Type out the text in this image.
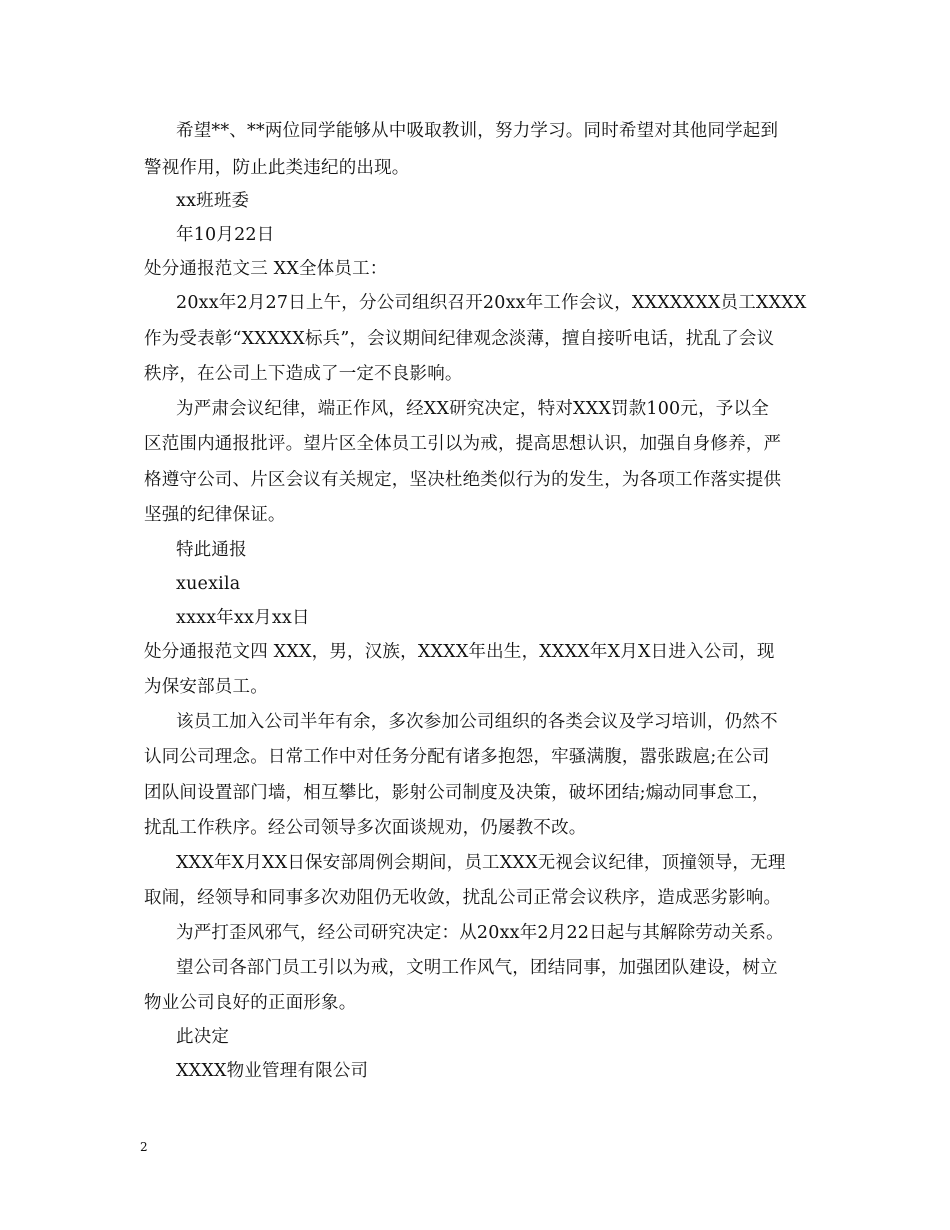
希望**、**两位同学能够从中吸取教训，努力学习。同时希望对其他同学起到
警视作用，防止此类违纪的出现。
xx班班委
年10月22日
处分通报范文三 XX全体员工：
20xx年2月27日上午，分公司组织召开20xx年工作会议，XXXXXXX员工XXXX
作为受表彰“XXXXX标兵”，会议期间纪律观念淡薄，擅自接听电话，扰乱了会议
秩序，在公司上下造成了一定不良影响。
为严肃会议纪律，端正作风，经XX研究决定，特对XXX罚款100元，予以全
区范围内通报批评。望片区全体员工引以为戒，提高思想认识，加强自身修养，严
格遵守公司、片区会议有关规定，坚决杜绝类似行为的发生，为各项工作落实提供
坚强的纪律保证。
特此通报
xuexila
xxxx年xx月xx日
处分通报范文四 XXX，男，汉族，XXXX年出生，XXXX年X月X日进入公司，现
为保安部员工。
该员工加入公司半年有余，多次参加公司组织的各类会议及学习培训，仍然不
认同公司理念。日常工作中对任务分配有诸多抱怨，牢骚满腹，嚣张跋扈;在公司
团队间设置部门墙，相互攀比，影射公司制度及决策，破坏团结;煽动同事怠工，
扰乱工作秩序。经公司领导多次面谈规劝，仍屡教不改。
XXX年X月XX日保安部周例会期间，员工XXX无视会议纪律，顶撞领导，无理
取闹，经领导和同事多次劝阻仍无收敛，扰乱公司正常会议秩序，造成恶劣影响。
为严打歪风邪气，经公司研究决定：从20xx年2月22日起与其解除劳动关系。
望公司各部门员工引以为戒，文明工作风气，团结同事，加强团队建设，树立
物业公司良好的正面形象。
此决定
XXXX物业管理有限公司
2
